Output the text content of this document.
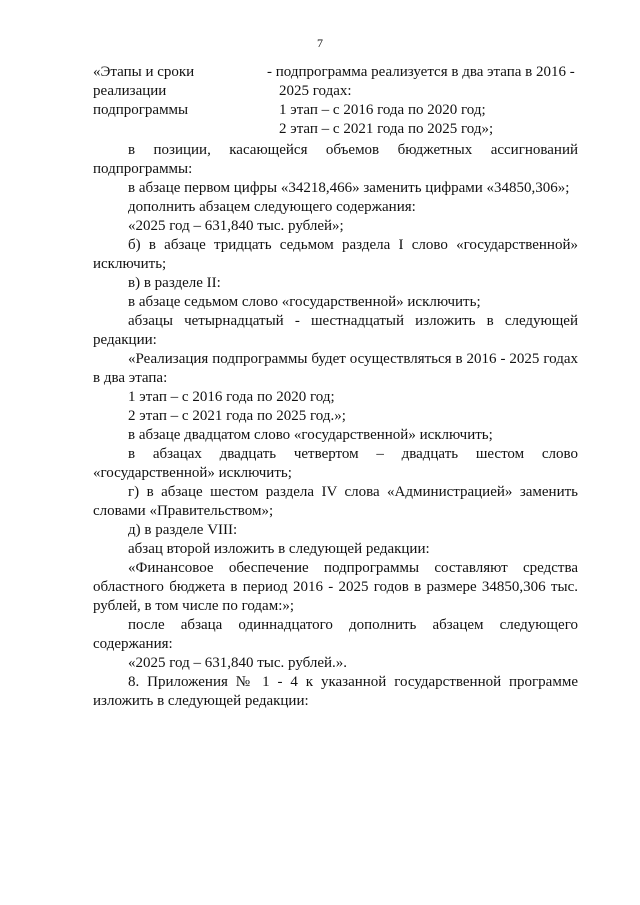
7
«Этапы и сроки
реализации
подпрограммы
- подпрограмма реализуется в два этапа в 2016 -
2025 годах:
1 этап – с 2016 года по 2020 год;
2 этап – с 2021 года по 2025 год»;

в позиции, касающейся объемов бюджетных ассигнований подпрограммы:

в абзаце первом цифры «34218,466» заменить цифрами «34850,306»;

дополнить абзацем следующего содержания:

«2025 год – 631,840 тыс. рублей»;

б) в абзаце тридцать седьмом раздела I слово «государственной» исключить;

в) в разделе II:

в абзаце седьмом слово «государственной» исключить;

абзацы четырнадцатый - шестнадцатый изложить в следующей редакции:

«Реализация подпрограммы будет осуществляться в 2016 - 2025 годах в два этапа:

1 этап – с 2016 года по 2020 год;

2 этап – с 2021 года по 2025 год.»;

в абзаце двадцатом слово «государственной» исключить;

в абзацах двадцать четвертом – двадцать шестом слово «государственной» исключить;

г) в абзаце шестом раздела IV слова «Администрацией» заменить словами «Правительством»;

д) в разделе VIII:

абзац второй изложить в следующей редакции:

«Финансовое обеспечение подпрограммы составляют средства областного бюджета в период 2016 - 2025 годов в размере 34850,306 тыс. рублей, в том числе по годам:»;

после абзаца одиннадцатого дополнить абзацем следующего содержания:

«2025 год – 631,840 тыс. рублей.».

8. Приложения № 1 - 4 к указанной государственной программе изложить в следующей редакции:
